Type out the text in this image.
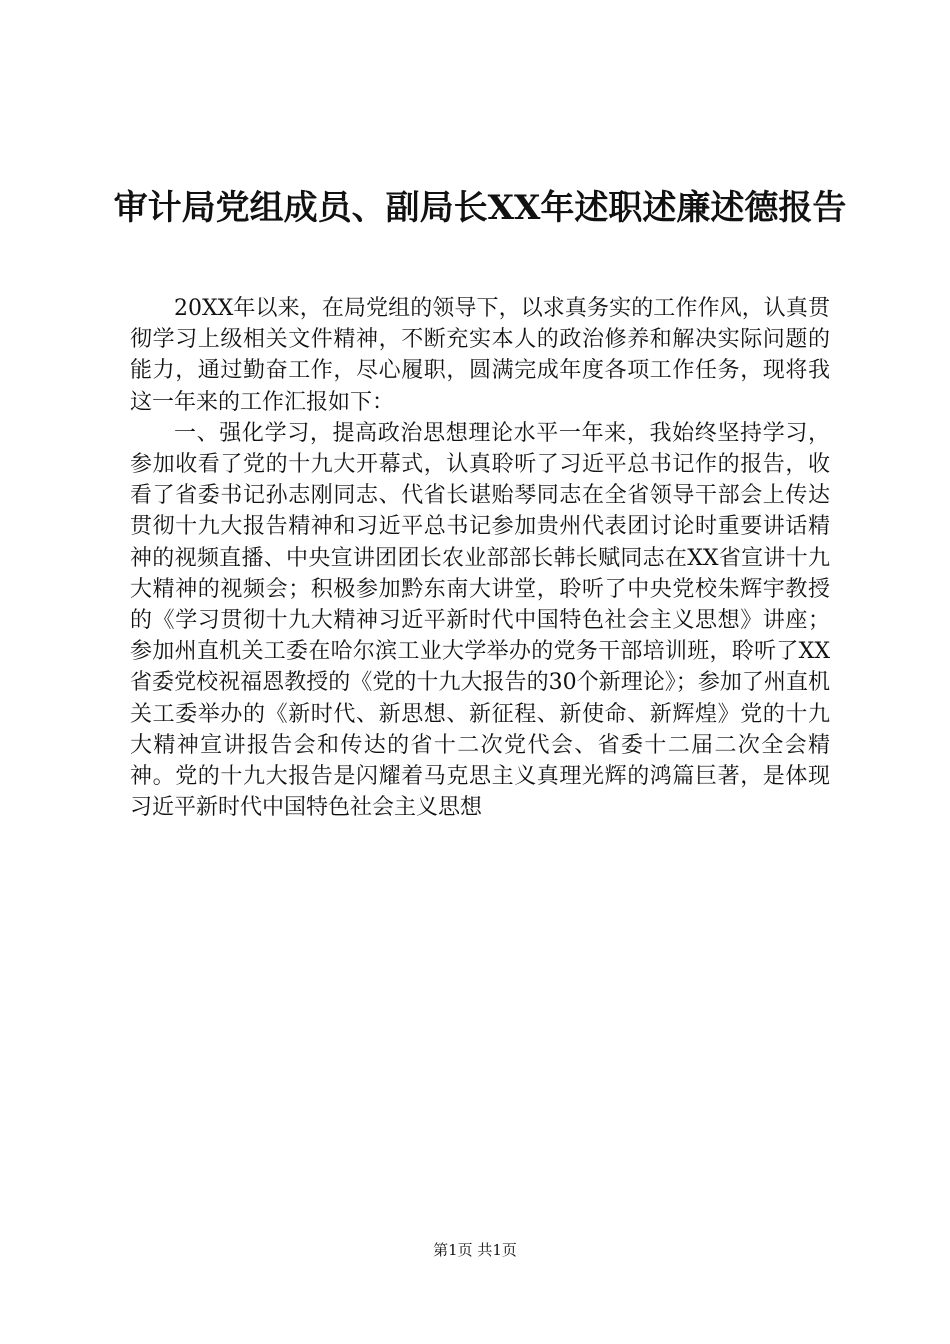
审计局党组成员、副局长XX年述职述廉述德报告

20XX年以来，在局党组的领导下，以求真务实的工作作风，认真贯彻学习上级相关文件精神，不断充实本人的政治修养和解决实际问题的能力，通过勤奋工作，尽心履职，圆满完成年度各项工作任务，现将我这一年来的工作汇报如下：

一、强化学习，提高政治思想理论水平一年来，我始终坚持学习，参加收看了党的十九大开幕式，认真聆听了习近平总书记作的报告，收看了省委书记孙志刚同志、代省长谌贻琴同志在全省领导干部会上传达贯彻十九大报告精神和习近平总书记参加贵州代表团讨论时重要讲话精神的视频直播、中央宣讲团团长农业部部长韩长赋同志在XX省宣讲十九大精神的视频会；积极参加黔东南大讲堂，聆听了中央党校朱辉宇教授的《学习贯彻十九大精神习近平新时代中国特色社会主义思想》讲座；参加州直机关工委在哈尔滨工业大学举办的党务干部培训班，聆听了XX省委党校祝福恩教授的《党的十九大报告的30个新理论》；参加了州直机关工委举办的《新时代、新思想、新征程、新使命、新辉煌》党的十九大精神宣讲报告会和传达的省十二次党代会、省委十二届二次全会精神。党的十九大报告是闪耀着马克思主义真理光辉的鸿篇巨著，是体现习近平新时代中国特色社会主义思想

第1页 共1页
